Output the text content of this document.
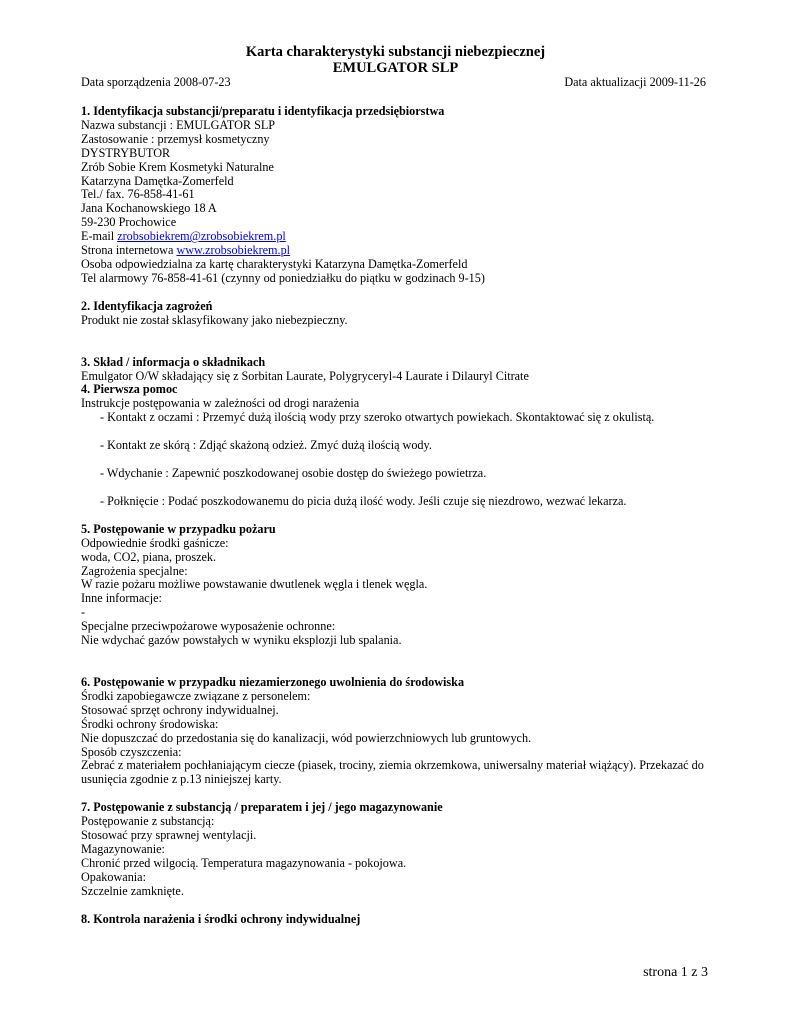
Karta charakterystyki substancji niebezpiecznej
EMULGATOR SLP
Data sporządzenia 2008-07-23	Data aktualizacji 2009-11-26
1. Identyfikacja substancji/preparatu i identyfikacja przedsiębiorstwa
Nazwa substancji : EMULGATOR SLP
Zastosowanie : przemysł kosmetyczny
DYSTRYBUTOR
Zrób Sobie Krem Kosmetyki Naturalne
Katarzyna Damętka-Zomerfeld
Tel./ fax. 76-858-41-61
Jana Kochanowskiego 18 A
59-230 Prochowice
E-mail zrobsobiekrem@zrobsobiekrem.pl
Strona internetowa www.zrobsobiekrem.pl
Osoba odpowiedzialna za kartę charakterystyki Katarzyna Damętka-Zomerfeld
Tel alarmowy 76-858-41-61 (czynny od poniedziałku do piątku w godzinach 9-15)
2. Identyfikacja zagrożeń
Produkt nie został sklasyfikowany jako niebezpieczny.
3. Skład / informacja o składnikach
Emulgator O/W składający się z Sorbitan Laurate, Polygryceryl-4 Laurate i Dilauryl Citrate
4. Pierwsza pomoc
Instrukcje postępowania w zależności od drogi narażenia
- Kontakt z oczami : Przemyć dużą ilością wody przy szeroko otwartych powiekach. Skontaktować się z okulistą.
- Kontakt ze skórą : Zdjąć skażoną odzież. Zmyć dużą ilością wody.
- Wdychanie : Zapewnić poszkodowanej osobie dostęp do świeżego powietrza.
- Połknięcie : Podać poszkodowanemu do picia dużą ilość wody. Jeśli czuje się niezdrowo, wezwać lekarza.
5. Postępowanie w przypadku pożaru
Odpowiednie środki gaśnicze:
woda, CO2, piana, proszek.
Zagrożenia specjalne:
W razie pożaru możliwe powstawanie dwutlenek węgla i tlenek węgla.
Inne informacje:
-
Specjalne przeciwpożarowe wyposażenie ochronne:
Nie wdychać gazów powstałych w wyniku eksplozji lub spalania.
6. Postępowanie w przypadku niezamierzonego uwolnienia do środowiska
Środki zapobiegawcze związane z personelem:
Stosować sprzęt ochrony indywidualnej.
Środki ochrony środowiska:
Nie dopuszczać do przedostania się do kanalizacji, wód powierzchniowych lub gruntowych.
Sposób czyszczenia:
Zebrać z materiałem pochłaniającym ciecze (piasek, trociny, ziemia okrzemkowa, uniwersalny materiał wiążący). Przekazać do
usunięcia zgodnie z p.13 niniejszej karty.
7. Postępowanie z substancją / preparatem i jej / jego magazynowanie
Postępowanie z substancją:
Stosować przy sprawnej wentylacji.
Magazynowanie:
Chronić przed wilgocią. Temperatura magazynowania - pokojowa.
Opakowania:
Szczelnie zamknięte.
8. Kontrola narażenia i środki ochrony indywidualnej
strona 1 z 3
